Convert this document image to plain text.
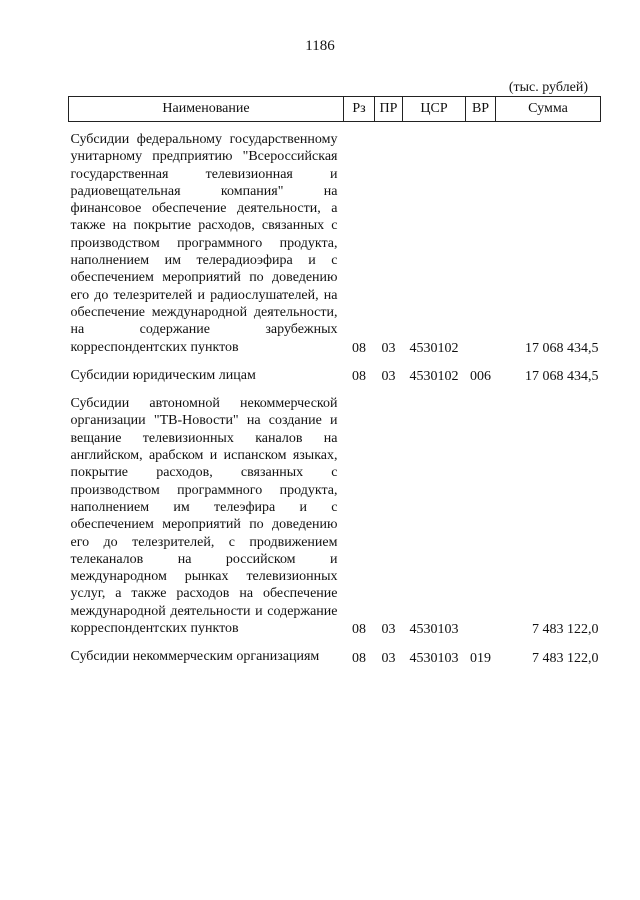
1186
(тыс. рублей)
Наименование	Рз	ПР	ЦСР	ВР	Сумма

Субсидии федеральному государственному унитарному предприятию "Всероссийская государственная телевизионная и радиовещательная компания" на финансовое обеспечение деятельности, а также на покрытие расходов, связанных с производством программного продукта, наполнением им телерадиоэфира и с обеспечением мероприятий по доведению его до телезрителей и радиослушателей, на обеспечение международной деятельности, на содержание зарубежных корреспондентских пунктов	08	03	4530102		17 068 434,5

Субсидии юридическим лицам	08	03	4530102	006	17 068 434,5

Субсидии автономной некоммерческой организации "ТВ-Новости" на создание и вещание телевизионных каналов на английском, арабском и испанском языках, покрытие расходов, связанных с производством программного продукта, наполнением им телеэфира и с обеспечением мероприятий по доведению его до телезрителей, с продвижением телеканалов на российском и международном рынках телевизионных услуг, а также расходов на обеспечение международной деятельности и содержание корреспондентских пунктов	08	03	4530103		7 483 122,0

Субсидии некоммерческим организациям	08	03	4530103	019	7 483 122,0
